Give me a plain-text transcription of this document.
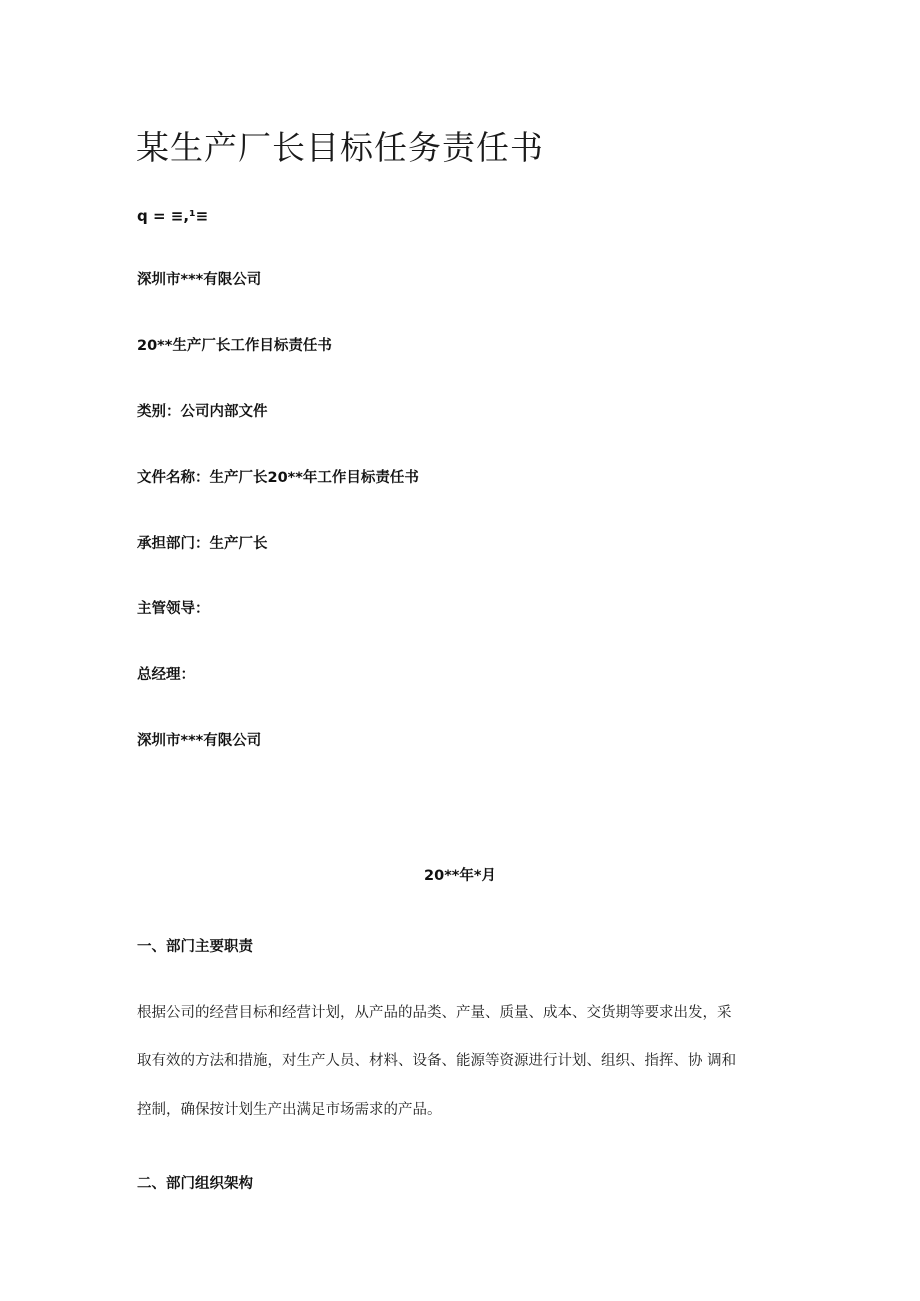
某生产厂长目标任务责任书
q = ≡,¹≡
深圳市***有限公司
20**生产厂长工作目标责任书
类别：公司内部文件
文件名称：生产厂长20**年工作目标责任书
承担部门：生产厂长
主管领导：
总经理：
深圳市***有限公司
20**年*月
一、部门主要职责
根据公司的经营目标和经营计划，从产品的品类、产量、质量、成本、交货期等要求出发，采
取有效的方法和措施，对生产人员、材料、设备、能源等资源进行计划、组织、指挥、协 调和
控制，确保按计划生产出满足市场需求的产品。
二、部门组织架构
